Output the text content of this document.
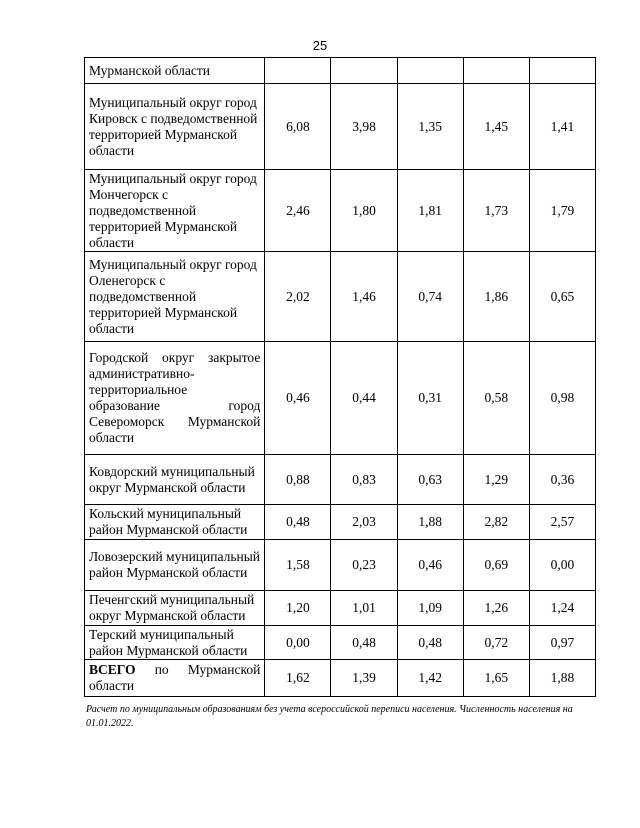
25
Мурманской области					
Муниципальный округ город Кировск с подведомственной территорией Мурманской области	6,08	3,98	1,35	1,45	1,41
Муниципальный округ город Мончегорск с подведомственной территорией Мурманской области	2,46	1,80	1,81	1,73	1,79
Муниципальный округ город Оленегорск с подведомственной территорией Мурманской области	2,02	1,46	0,74	1,86	0,65
Городской округ закрытое административно-территориальное образование город Североморск Мурманской области	0,46	0,44	0,31	0,58	0,98
Ковдорский муниципальный округ Мурманской области	0,88	0,83	0,63	1,29	0,36
Кольский муниципальный район Мурманской области	0,48	2,03	1,88	2,82	2,57
Ловозерский муниципальный район Мурманской области	1,58	0,23	0,46	0,69	0,00
Печенгский муниципальный округ Мурманской области	1,20	1,01	1,09	1,26	1,24
Терский муниципальный район Мурманской области	0,00	0,48	0,48	0,72	0,97
ВСЕГО по Мурманской области	1,62	1,39	1,42	1,65	1,88
Расчет по муниципальным образованиям без учета всероссийской переписи населения. Численность населения на 01.01.2022.
